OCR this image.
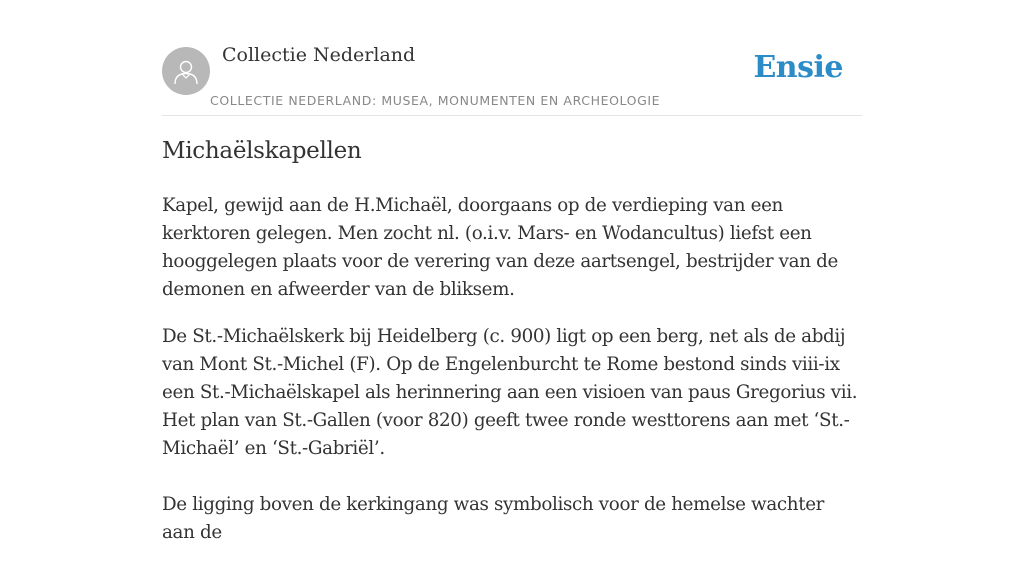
Collectie Nederland
COLLECTIE NEDERLAND: MUSEA, MONUMENTEN EN ARCHEOLOGIE
Ensie
Michaëlskapellen

Kapel, gewijd aan de H.Michaël, doorgaans op de verdieping van een kerktoren gelegen. Men zocht nl. (o.i.v. Mars- en Wodancultus) liefst een hooggelegen plaats voor de verering van deze aartsengel, bestrijder van de demonen en afweerder van de bliksem.

De St.-Michaëlskerk bij Heidelberg (c. 900) ligt op een berg, net als de abdij van Mont St.-Michel (F). Op de Engelenburcht te Rome bestond sinds viii-ix een St.-Michaëlskapel als herinnering aan een visioen van paus Gregorius vii. Het plan van St.-Gallen (voor 820) geeft twee ronde westtorens aan met ‘St.-Michaël’ en ‘St.-Gabriël’.

De ligging boven de kerkingang was symbolisch voor de hemelse wachter aan de
